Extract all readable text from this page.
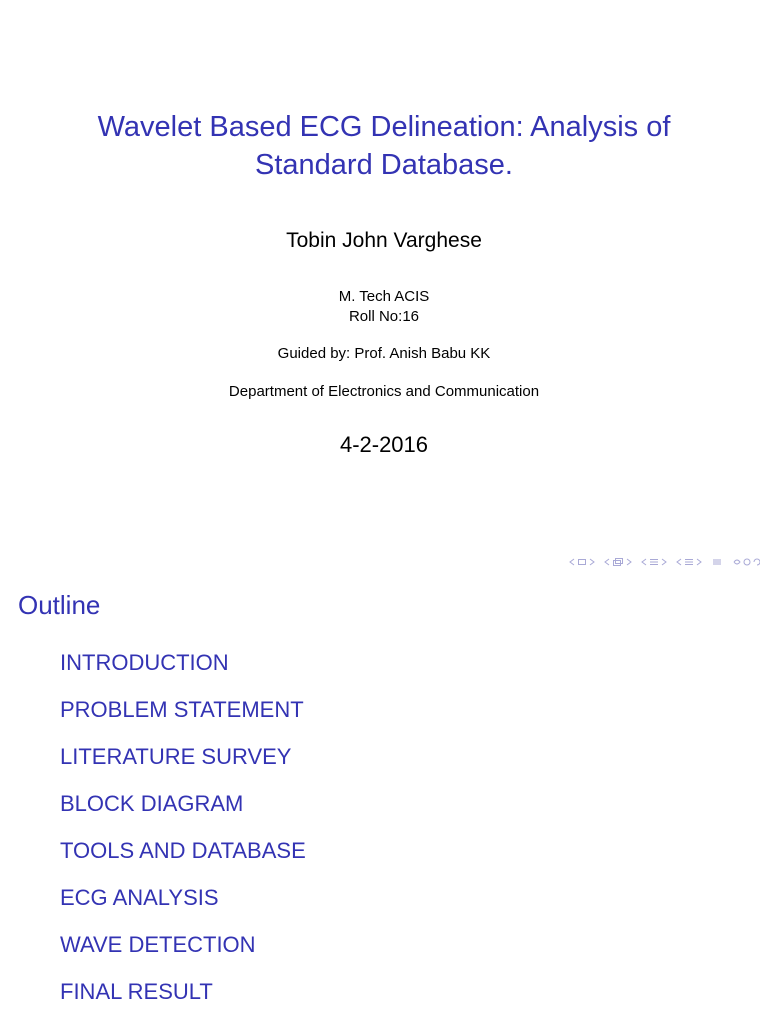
Wavelet Based ECG Delineation: Analysis of
Standard Database.
Tobin John Varghese
M. Tech ACIS
Roll No:16
Guided by: Prof. Anish Babu KK
Department of Electronics and Communication
4-2-2016
Outline
INTRODUCTION
PROBLEM STATEMENT
LITERATURE SURVEY
BLOCK DIAGRAM
TOOLS AND DATABASE
ECG ANALYSIS
WAVE DETECTION
FINAL RESULT
